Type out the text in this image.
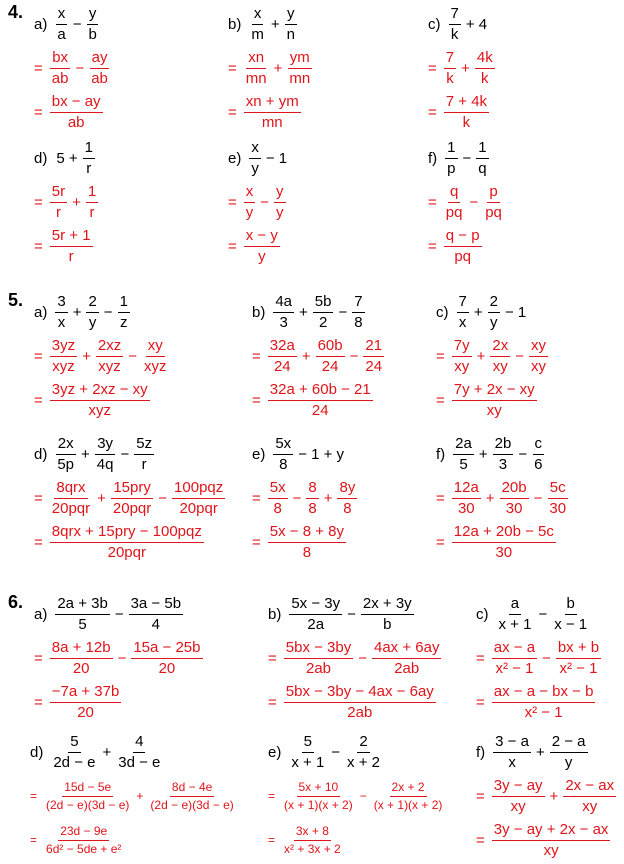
4.
5.
6.
$a) \frac{x}{a} - \frac{y}{b}$
= $\frac{bx}{ab} - \frac{ay}{ab}$
= $\frac{bx - ay}{ab}$
$b) \frac{x}{m} + \frac{y}{n}$
= $\frac{xn}{mn} + \frac{ym}{mn}$
= $\frac{xn + ym}{mn}$
$c) \frac{7}{k} + 4$
= $\frac{7}{k} + \frac{4k}{k}$
= $\frac{7 + 4k}{k}$
d) $5 + \frac{1}{r}$
= $\frac{5r}{r} + \frac{1}{r}$
= $\frac{5r + 1}{r}$
$e) \frac{x}{y} - 1$
= $\frac{x}{y} - \frac{y}{y}$
= $\frac{x - y}{y}$
$f) \frac{1}{p} - \frac{1}{q}$
= $\frac{q}{pq} - \frac{p}{pq}$
= $\frac{q - p}{pq}$
$a) \frac{3}{x} + \frac{2}{y} - \frac{1}{z}$
= $\frac{3yz}{\text{xyz}} + \frac{2xz}{\text{xyz}} - \frac{xy}{\text{xyz}}$
= $\frac{3yz + 2xz - xy}{\text{xyz}}$
$b) \frac{4a}{3} + \frac{5b}{2} - \frac{7}{8}$
= $\frac{32a}{24} + \frac{60b}{24} - \frac{21}{24}$
= $\frac{32a + 60b - 21}{24}$
$c) \frac{7}{x} + \frac{2}{y} - 1$
= $\frac{7y}{xy} + \frac{2x}{xy} - \frac{xy}{xy}$
= $\frac{7y + 2x - xy}{xy}$
$d) \frac{2x}{5p} + \frac{3y}{4q} - \frac{5z}{r}$
= $\frac{\text{8qrx}}{\text{20pqr}} + \frac{\text{15pry}}{\text{20pqr}} - \frac{\text{100pqz}}{\text{20pqr}}$
= $\frac{\text{8qrx + 15pry − 100pqz}}{\text{20pqr}}$
$e) \frac{5x}{8} - 1 + y$
= $\frac{5x}{8} - \frac{8}{8} + \frac{8y}{8}$
= $\frac{5x - 8 + 8y}{8}$
$f) \frac{2a}{5} + \frac{2b}{3} - \frac{c}{6}$
= $\frac{12a}{30} + \frac{20b}{30} - \frac{5c}{30}$
= $\frac{12a + 20b - 5c}{30}$
$a) \frac{2a + 3b}{5} - \frac{3a - 5b}{4}$
= $\frac{8a + 12b}{20} - \frac{15a - 25b}{20}$
= $\frac{-7a + 37b}{20}$
$b) \frac{5x - 3y}{2a} - \frac{2x + 3y}{b}$
= $\frac{5bx - 3by}{2ab} - \frac{4ax + 6ay}{2ab}$
= $\frac{5bx - 3by - 4ax - 6ay}{2ab}$
$c) \frac{a}{x + 1} - \frac{b}{x - 1}$
= $\frac{ax - a}{\text{x² − 1}} - \frac{bx + b}{\text{x² − 1}}$
= $\frac{ax - a - bx - b}{\text{x² − 1}}$
$d) \frac{5}{2d - e} + \frac{4}{3d - e}$
= $\frac{15d - 5e}{(2d - e)(3d - e)} + \frac{8d - 4e}{(2d - e)(3d - e)}$
= $\frac{23d - 9e}{\text{6d² − 5de + e²}}$
$e) \frac{5}{x + 1} - \frac{2}{x + 2}$
= $\frac{5x + 10}{(x + 1)(x + 2)} - \frac{2x + 2}{(x + 1)(x + 2)}$
= $\frac{3x + 8}{\text{x² + 3x + 2}}$
$f) \frac{3 - a}{x} + \frac{2 - a}{y}$
= $\frac{3y - ay}{xy} + \frac{2x - ax}{xy}$
= $\frac{3y - ay + 2x - ax}{xy}$
